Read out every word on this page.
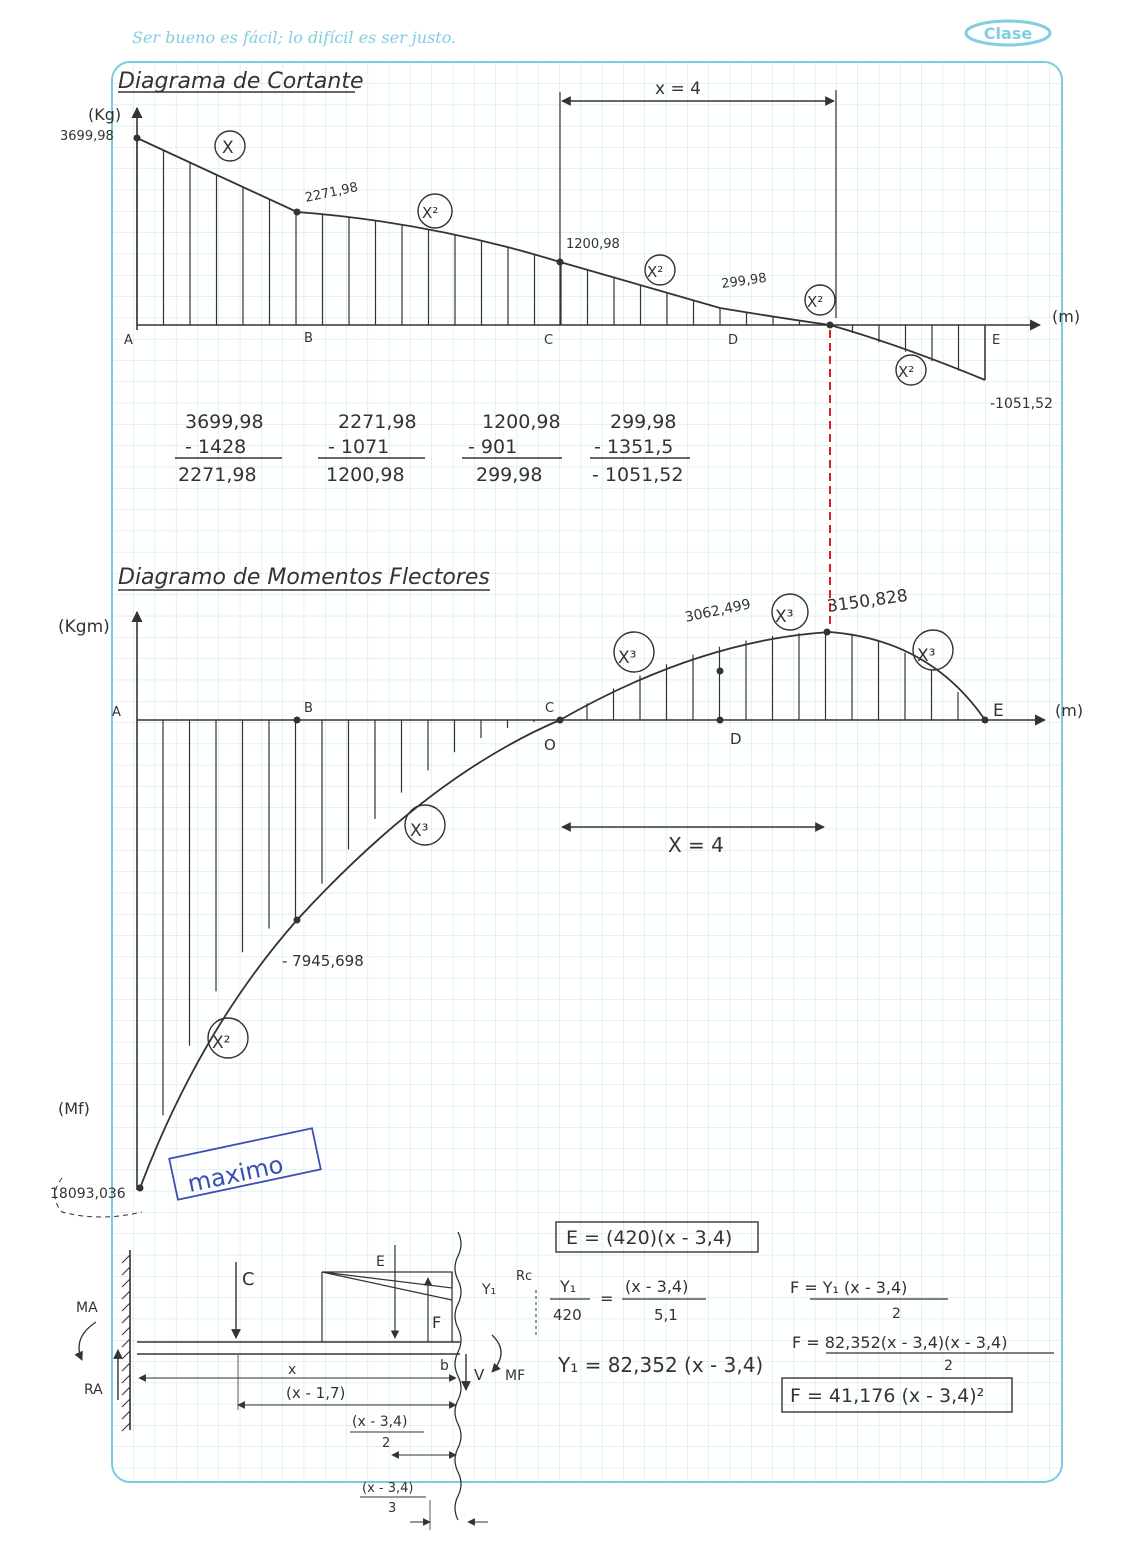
Ser bueno es fácil; lo difícil es ser justo.	Clase
Diagrama de Cortante
(Kg)
(m)
A	B	C	D	E
3699,98
2271,98
1200,98
299,98
-1051,52
X
X²
X²
X²
X²
x = 4
3699,98
- 1428
2271,98
2271,98
- 1071
1200,98
1200,98
- 901
299,98
299,98
- 1351,5
- 1051,52
Diagramo de Momentos Flectores
(Kgm)
(m)
A	B	C
O	D
E
- 7945,698
3062,499	3150,828
18093,036
(Mf)
X²
X³
X³
X³
X³
X = 4
maximo
C
E
F
Y₁
Rc
b V MF
MA
RA
x
(x - 1,7)
(x - 3,4)
2
(x - 3,4)
3
E = (420)(x - 3,4)
Y₁
420
=
(x - 3,4)
5,1
Y₁ = 82,352 (x - 3,4)
F = Y₁ (x - 3,4)
2
F = 82,352(x - 3,4)(x - 3,4)
2
F = 41,176 (x - 3,4)²
